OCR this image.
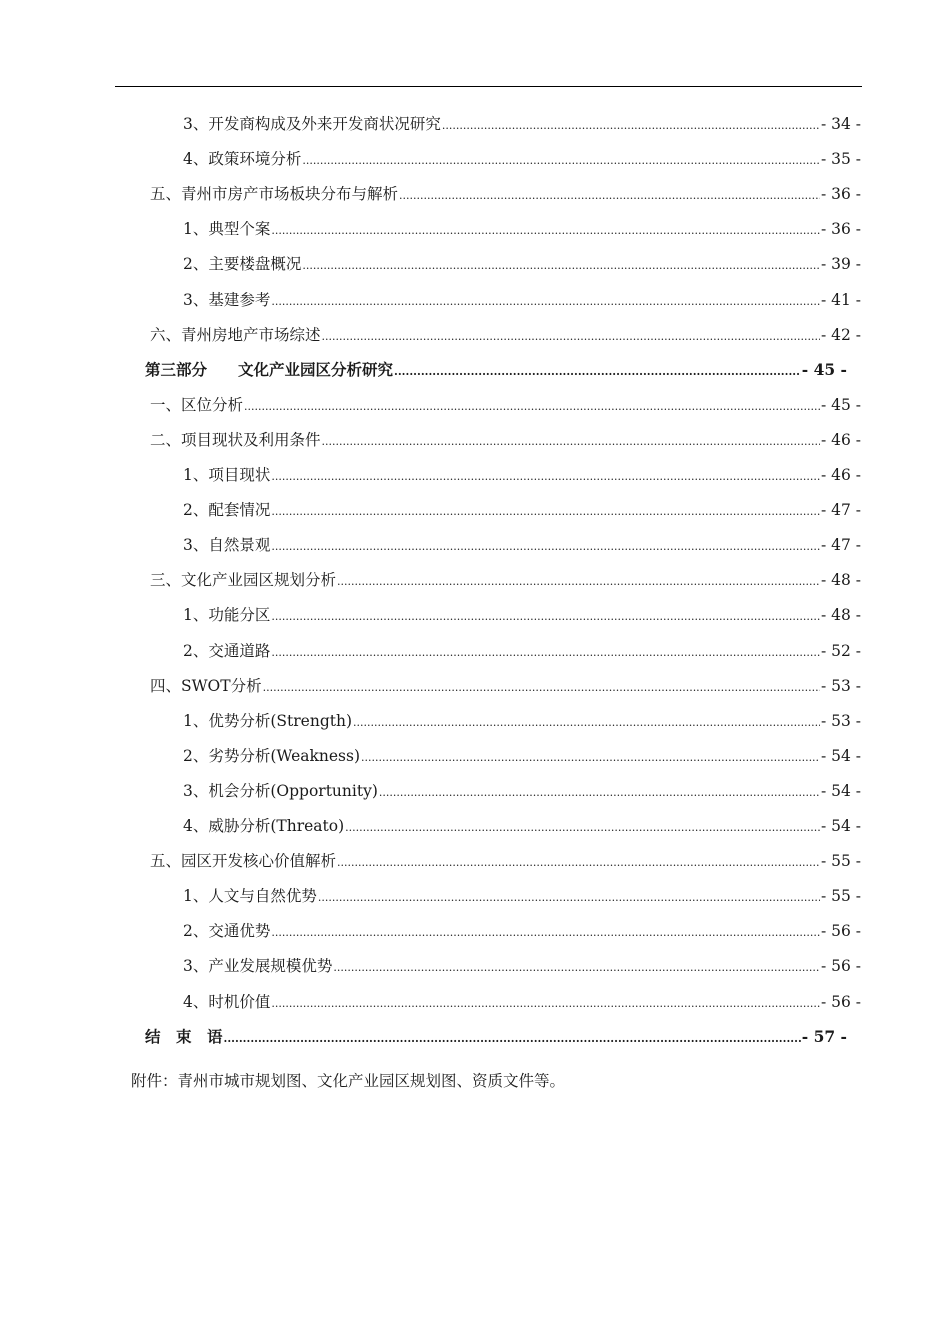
3、开发商构成及外来开发商状况研究 .....	- 34 -
4、政策环境分析 .....	- 35 -
五、青州市房产市场板块分布与解析 .....	- 36 -
1、典型个案 .....	- 36 -
2、主要楼盘概况 .....	- 39 -
3、基建参考 .....	- 41 -
六、青州房地产市场综述 .....	- 42 -
第三部分　　文化产业园区分析研究 .....	- 45 -
一、区位分析 .....	- 45 -
二、项目现状及利用条件 .....	- 46 -
1、项目现状 .....	- 46 -
2、配套情况 .....	- 47 -
3、自然景观 .....	- 47 -
三、文化产业园区规划分析 .....	- 48 -
1、功能分区 .....	- 48 -
2、交通道路 .....	- 52 -
四、SWOT分析 .....	- 53 -
1、优势分析(Strength) .....	- 53 -
2、劣势分析(Weakness) .....	- 54 -
3、机会分析(Opportunity) .....	- 54 -
4、威胁分析(Threato) .....	- 54 -
五、园区开发核心价值解析 .....	- 55 -
1、人文与自然优势 .....	- 55 -
2、交通优势 .....	- 56 -
3、产业发展规模优势 .....	- 56 -
4、时机价值 .....	- 56 -
结　束　语 .....	- 57 -
附件：青州市城市规划图、文化产业园区规划图、资质文件等。
